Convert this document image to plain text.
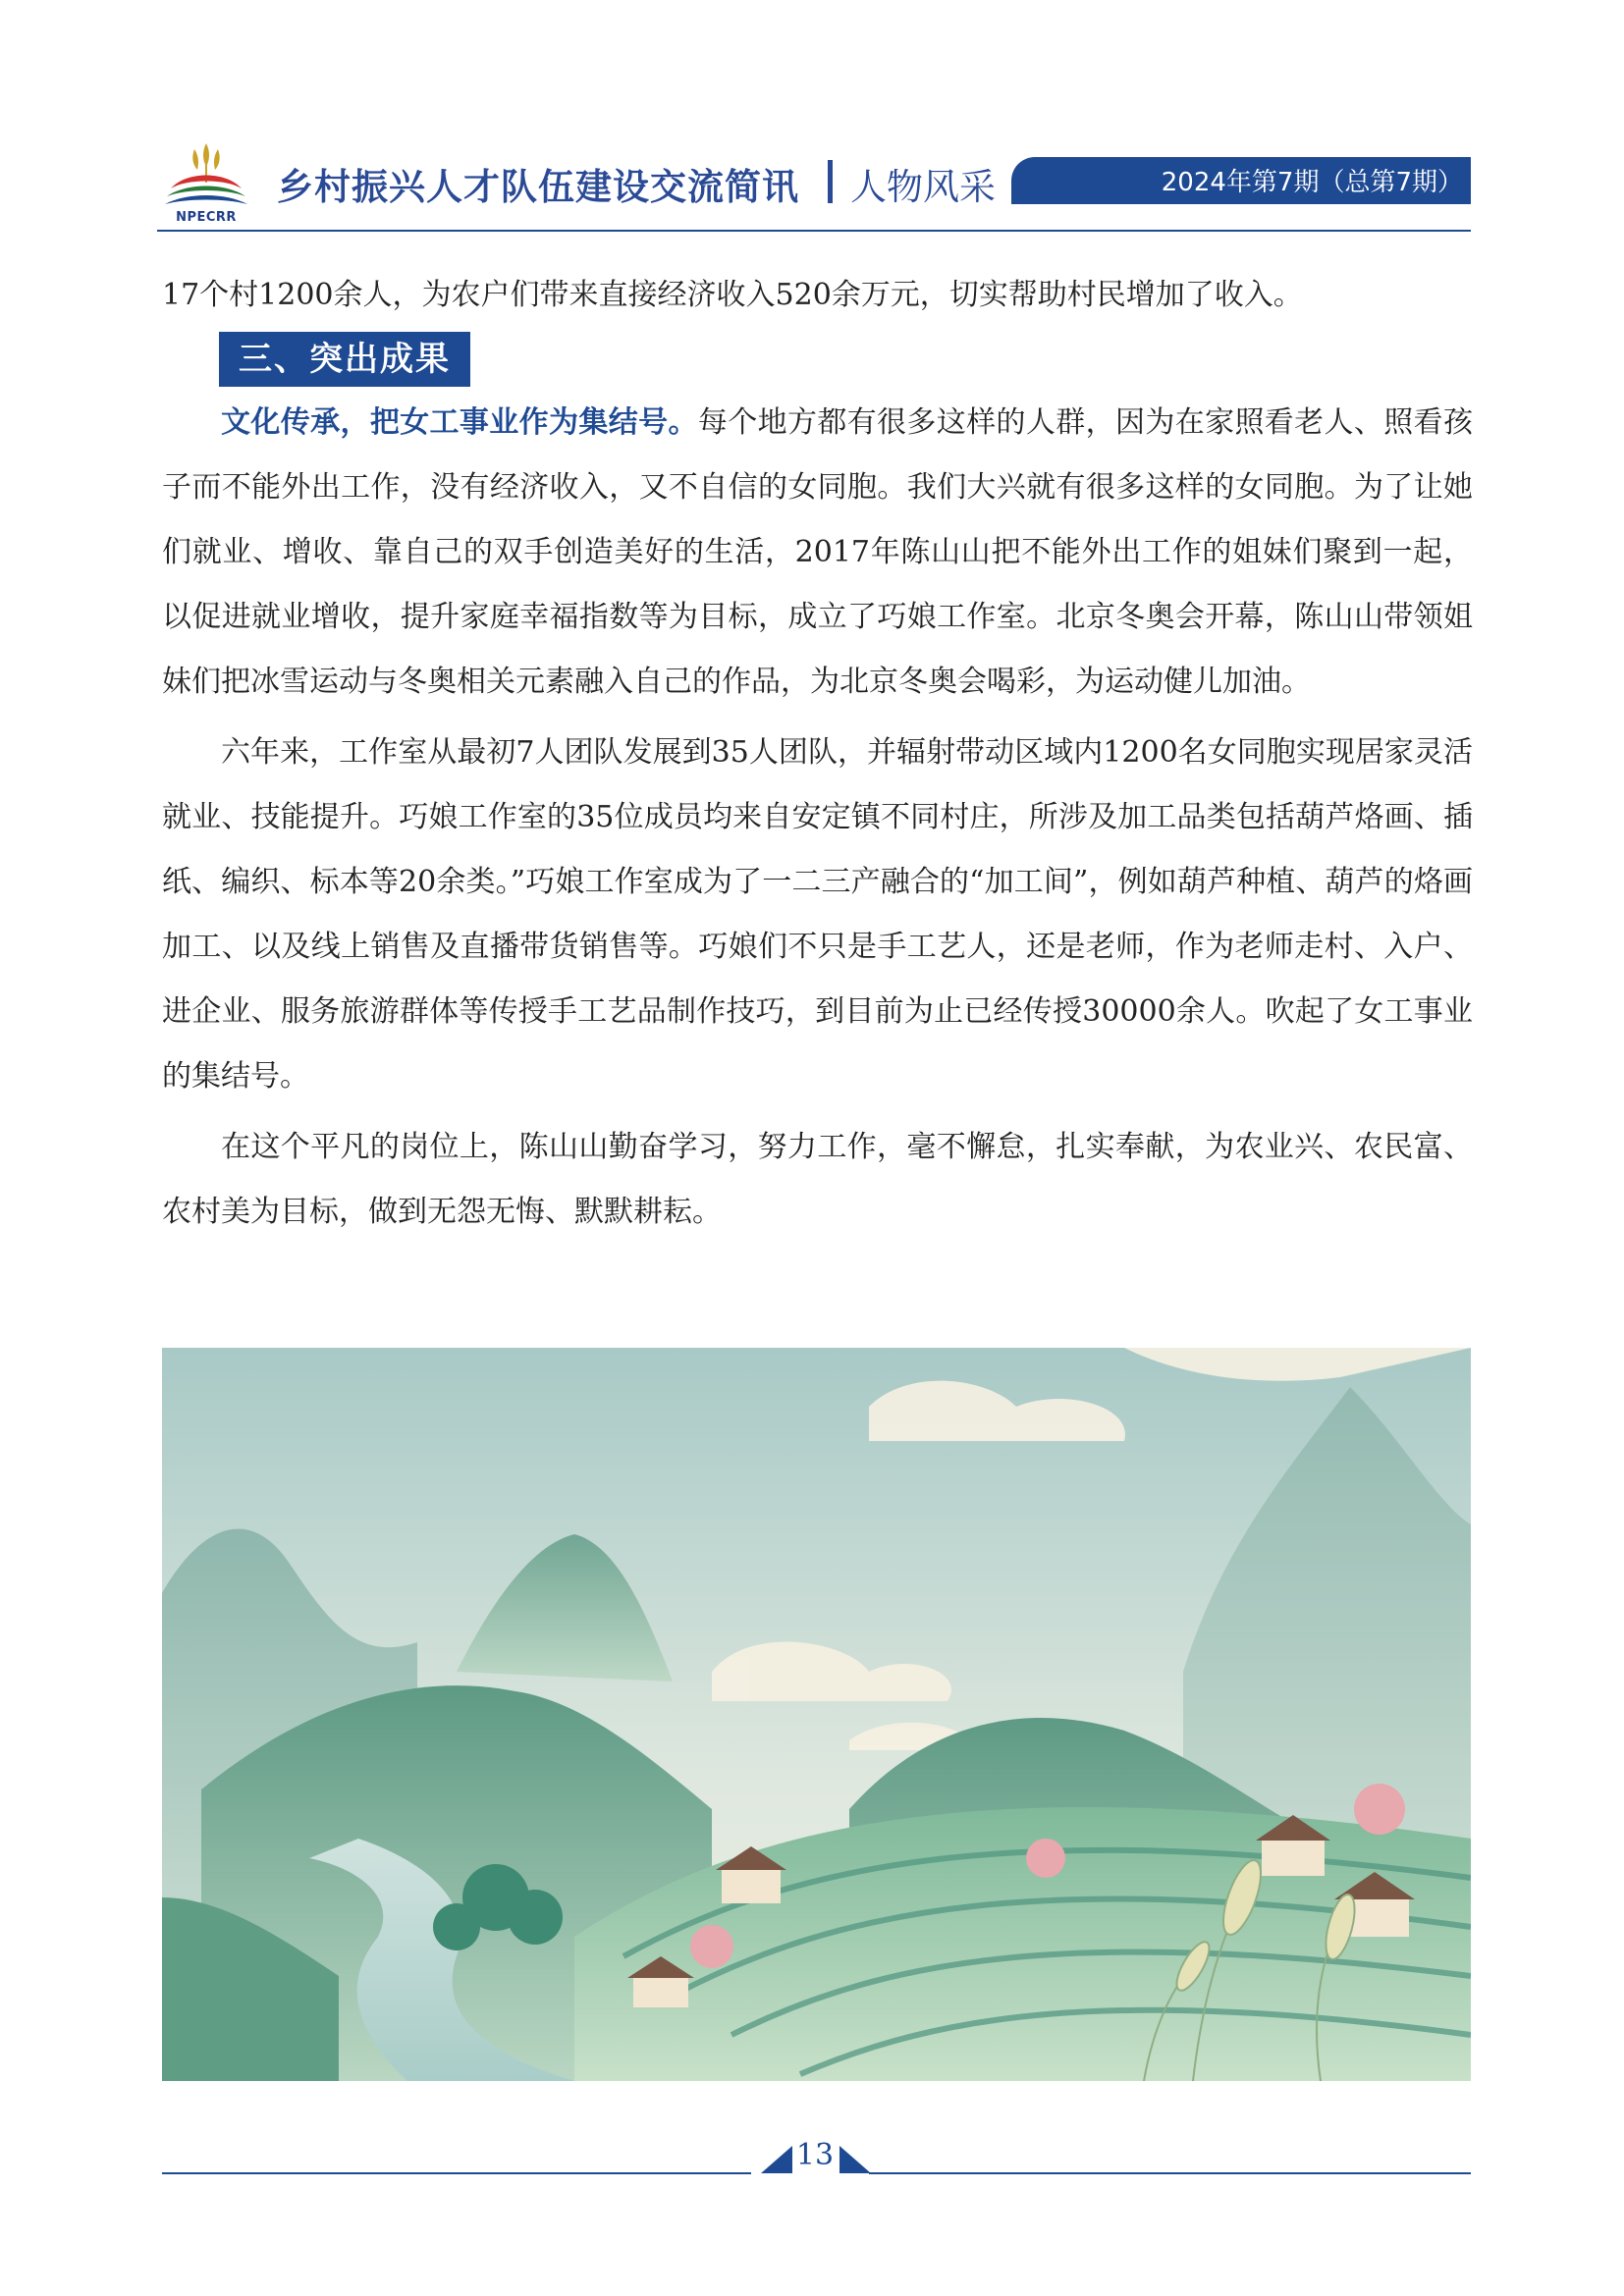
NPECRR
乡村振兴人才队伍建设交流简讯 人物风采	2024年第7期（总第7期）

17个村1200余人，为农户们带来直接经济收入520余万元，切实帮助村民增加了收入。

三、突出成果

文化传承，把女工事业作为集结号。每个地方都有很多这样的人群，因为在家照看老人、照看孩子而不能外出工作，没有经济收入，又不自信的女同胞。我们大兴就有很多这样的女同胞。为了让她们就业、增收、靠自己的双手创造美好的生活，2017年陈山山把不能外出工作的姐妹们聚到一起，以促进就业增收，提升家庭幸福指数等为目标，成立了巧娘工作室。北京冬奥会开幕，陈山山带领姐妹们把冰雪运动与冬奥相关元素融入自己的作品，为北京冬奥会喝彩，为运动健儿加油。

六年来，工作室从最初7人团队发展到35人团队，并辐射带动区域内1200名女同胞实现居家灵活就业、技能提升。巧娘工作室的35位成员均来自安定镇不同村庄，所涉及加工品类包括葫芦烙画、插纸、编织、标本等20余类。”巧娘工作室成为了一二三产融合的“加工间”，例如葫芦种植、葫芦的烙画加工、以及线上销售及直播带货销售等。巧娘们不只是手工艺人，还是老师，作为老师走村、入户、进企业、服务旅游群体等传授手工艺品制作技巧，到目前为止已经传授30000余人。吹起了女工事业的集结号。

在这个平凡的岗位上，陈山山勤奋学习，努力工作，毫不懈怠，扎实奉献，为农业兴、农民富、农村美为目标，做到无怨无悔、默默耕耘。

13
